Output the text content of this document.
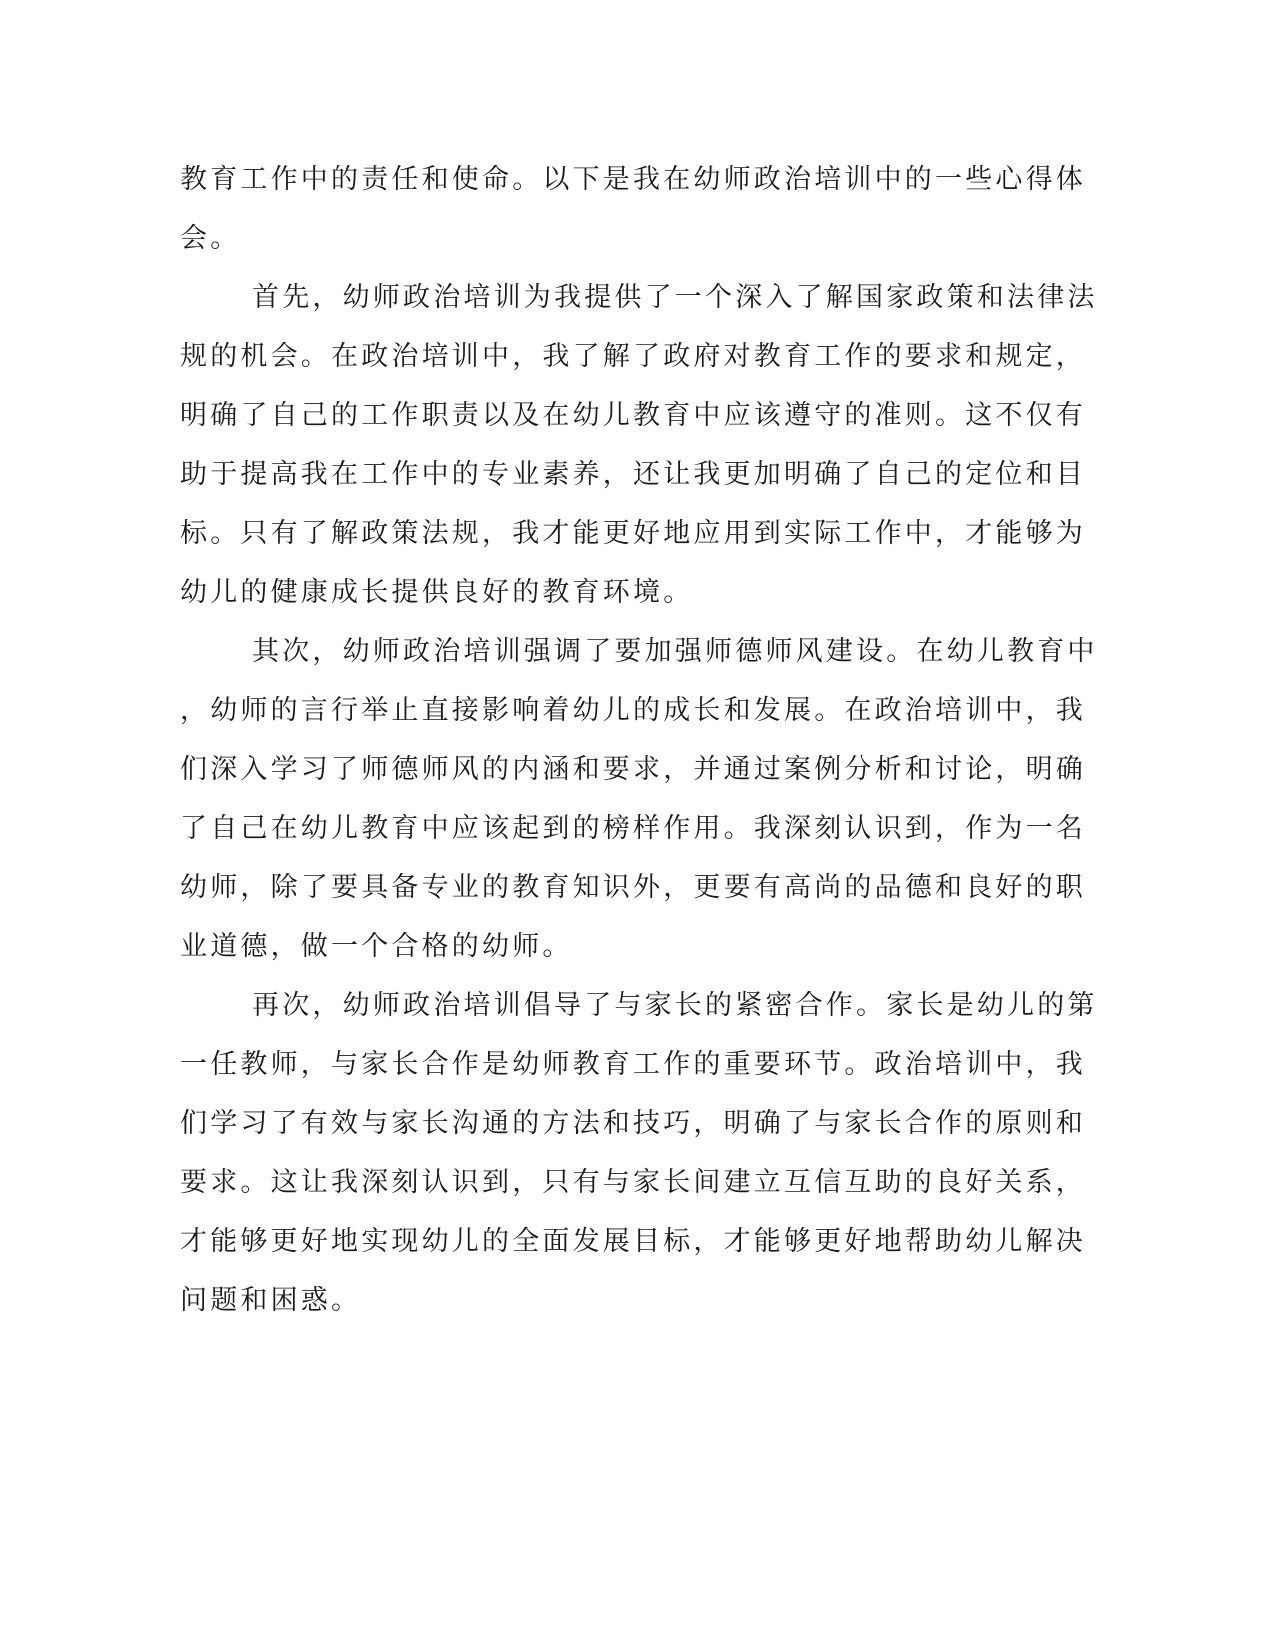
教育工作中的责任和使命。以下是我在幼师政治培训中的一些心得体
会。
首先，幼师政治培训为我提供了一个深入了解国家政策和法律法
规的机会。在政治培训中，我了解了政府对教育工作的要求和规定，
明确了自己的工作职责以及在幼儿教育中应该遵守的准则。这不仅有
助于提高我在工作中的专业素养，还让我更加明确了自己的定位和目
标。只有了解政策法规，我才能更好地应用到实际工作中，才能够为
幼儿的健康成长提供良好的教育环境。
其次，幼师政治培训强调了要加强师德师风建设。在幼儿教育中
，幼师的言行举止直接影响着幼儿的成长和发展。在政治培训中，我
们深入学习了师德师风的内涵和要求，并通过案例分析和讨论，明确
了自己在幼儿教育中应该起到的榜样作用。我深刻认识到，作为一名
幼师，除了要具备专业的教育知识外，更要有高尚的品德和良好的职
业道德，做一个合格的幼师。
再次，幼师政治培训倡导了与家长的紧密合作。家长是幼儿的第
一任教师，与家长合作是幼师教育工作的重要环节。政治培训中，我
们学习了有效与家长沟通的方法和技巧，明确了与家长合作的原则和
要求。这让我深刻认识到，只有与家长间建立互信互助的良好关系，
才能够更好地实现幼儿的全面发展目标，才能够更好地帮助幼儿解决
问题和困惑。
